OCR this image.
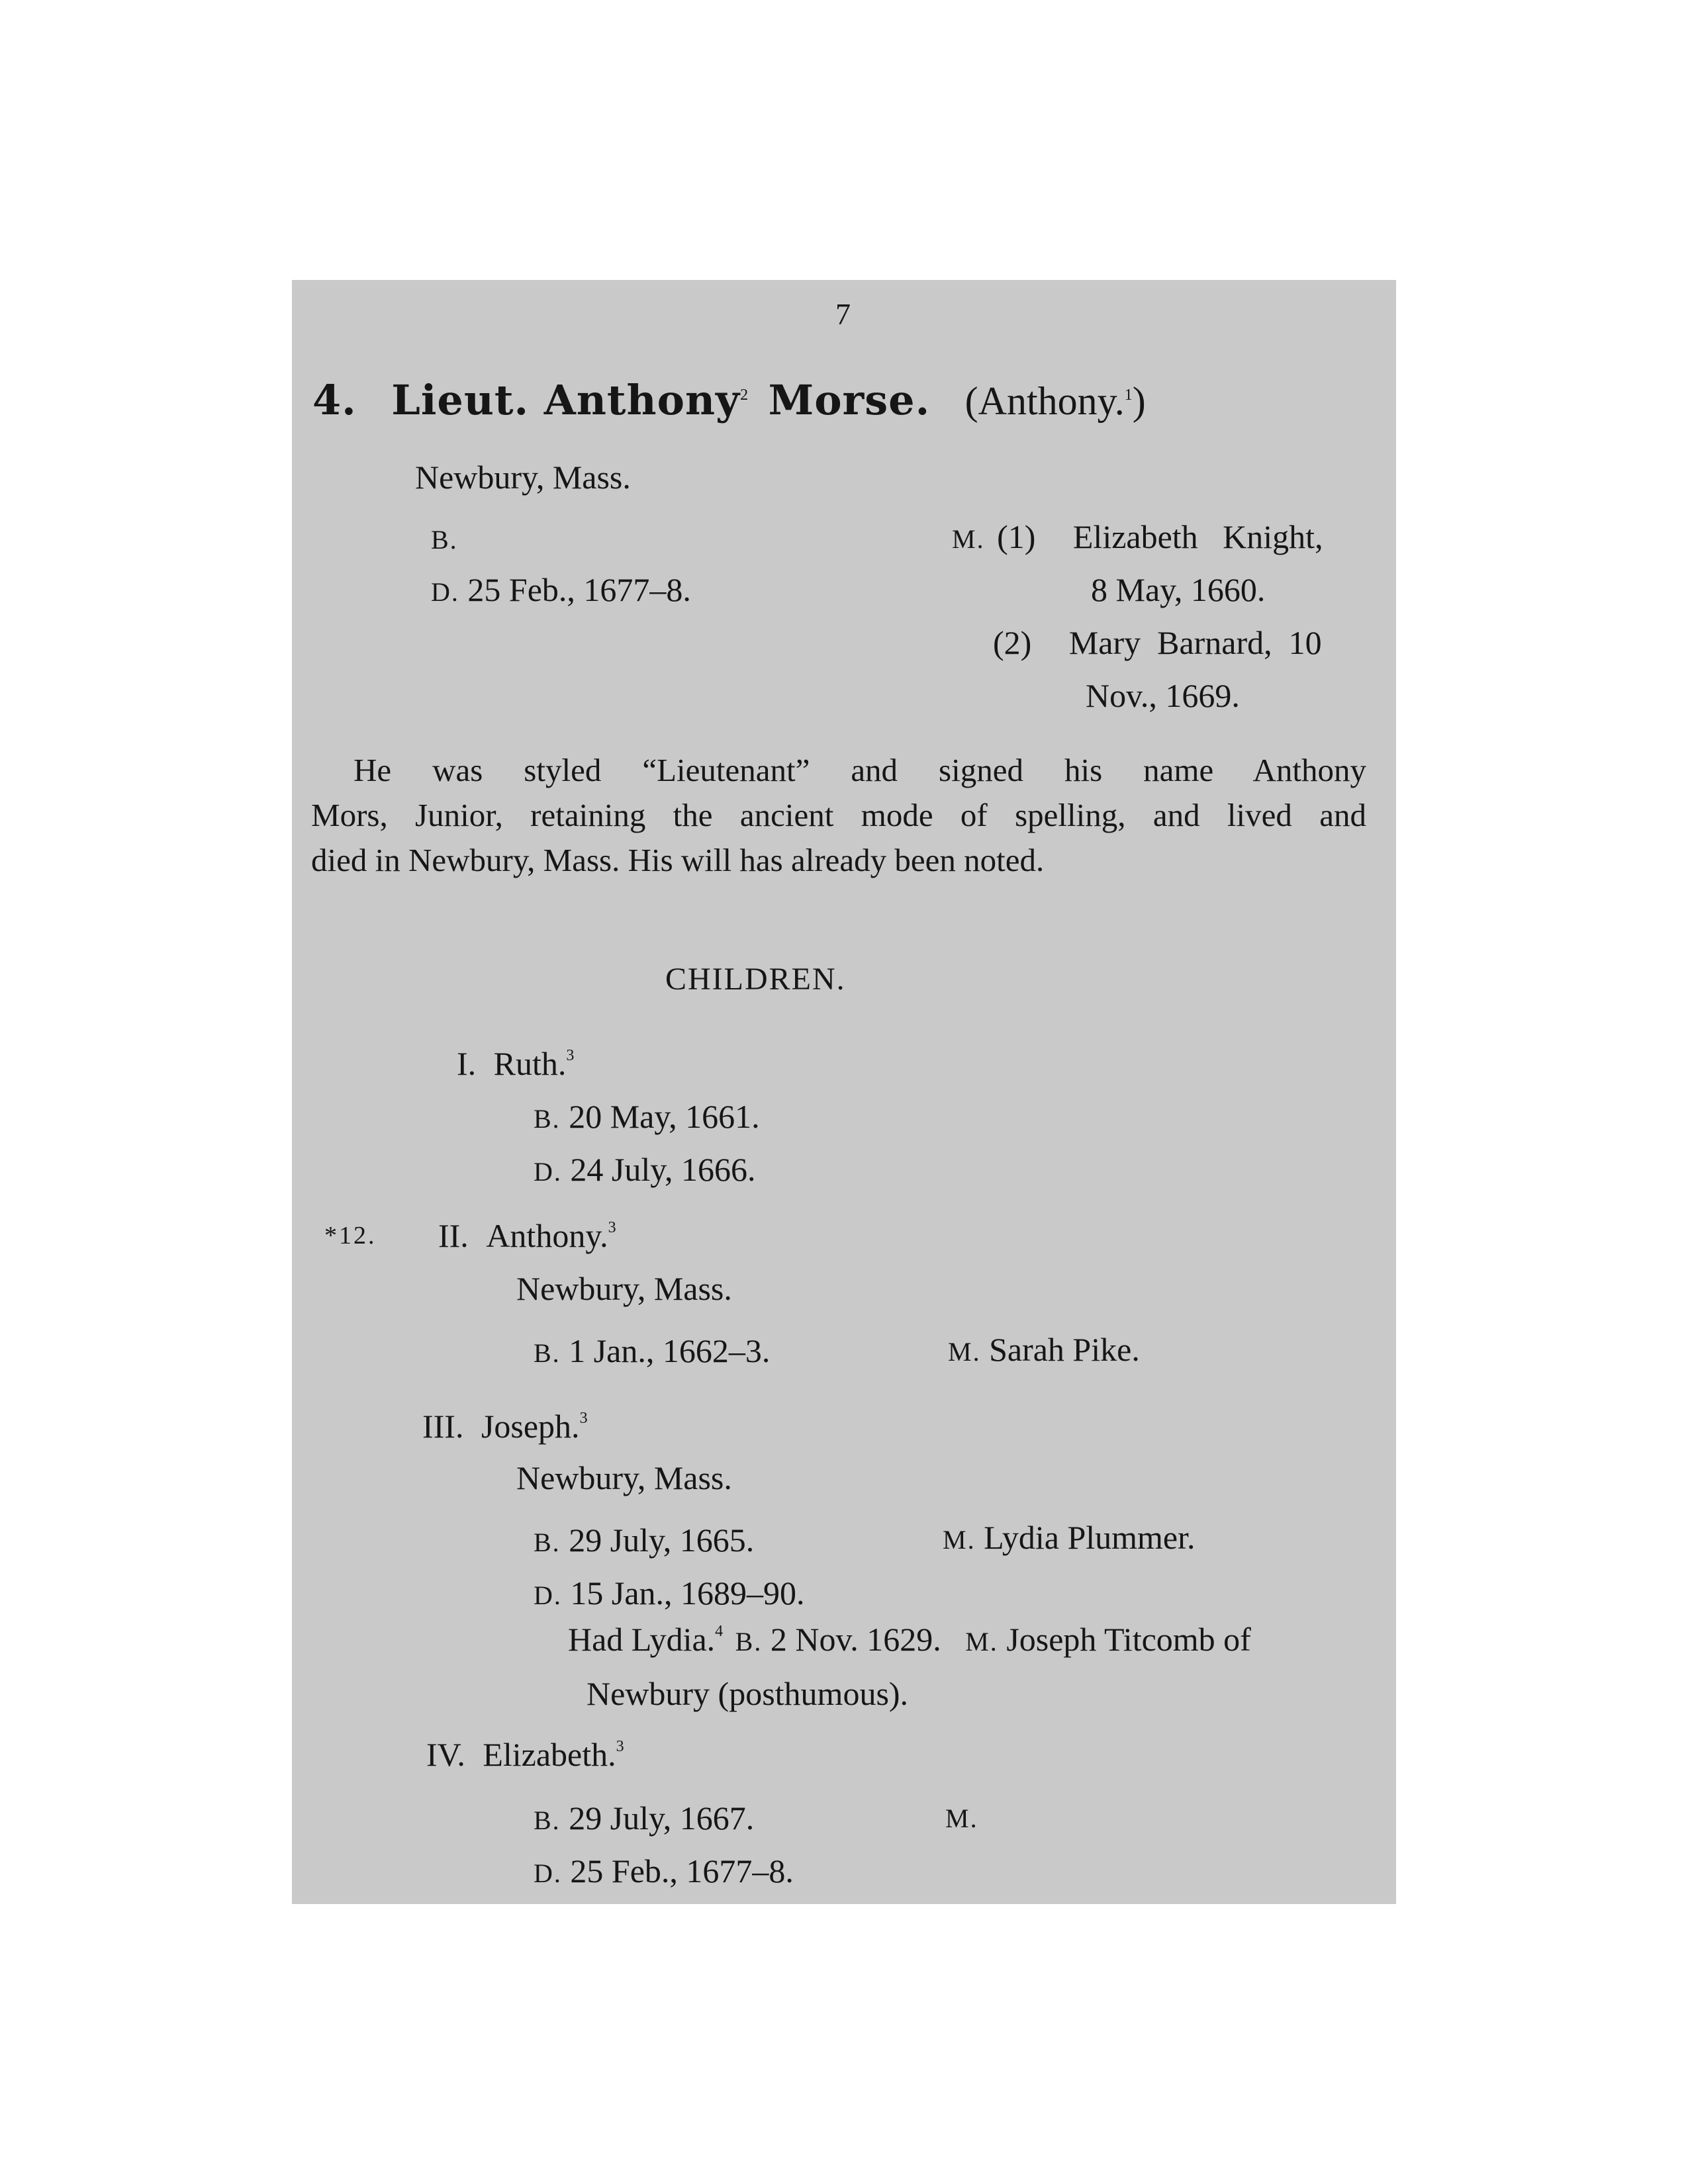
7
4. Lieut. Anthony$^2$ Morse. (Anthony.$^1$)
Newbury, Mass.
B.
D. 25 Feb., 1677–8.
M. (1) Elizabeth   Knight,
8 May, 1660.
(2) Mary  Barnard,  10
Nov., 1669.
He was styled “Lieutenant” and signed his name Anthony
Mors, Junior, retaining the ancient mode of spelling, and lived and
died in Newbury, Mass. His will has already been noted.
CHILDREN.
I. Ruth.$^3$
B. 20 May, 1661.
D. 24 July, 1666.
*12. II. Anthony.$^3$
Newbury, Mass.
B. 1 Jan., 1662–3.	M. Sarah Pike.
III. Joseph.$^3$
Newbury, Mass.
B. 29 July, 1665.	M. Lydia Plummer.
D. 15 Jan., 1689–90.
Had Lydia.$^4$ B. 2 Nov. 1629. M. Joseph Titcomb of
Newbury (posthumous).
IV. Elizabeth.$^3$
B. 29 July, 1667.	M.
D. 25 Feb., 1677–8.
